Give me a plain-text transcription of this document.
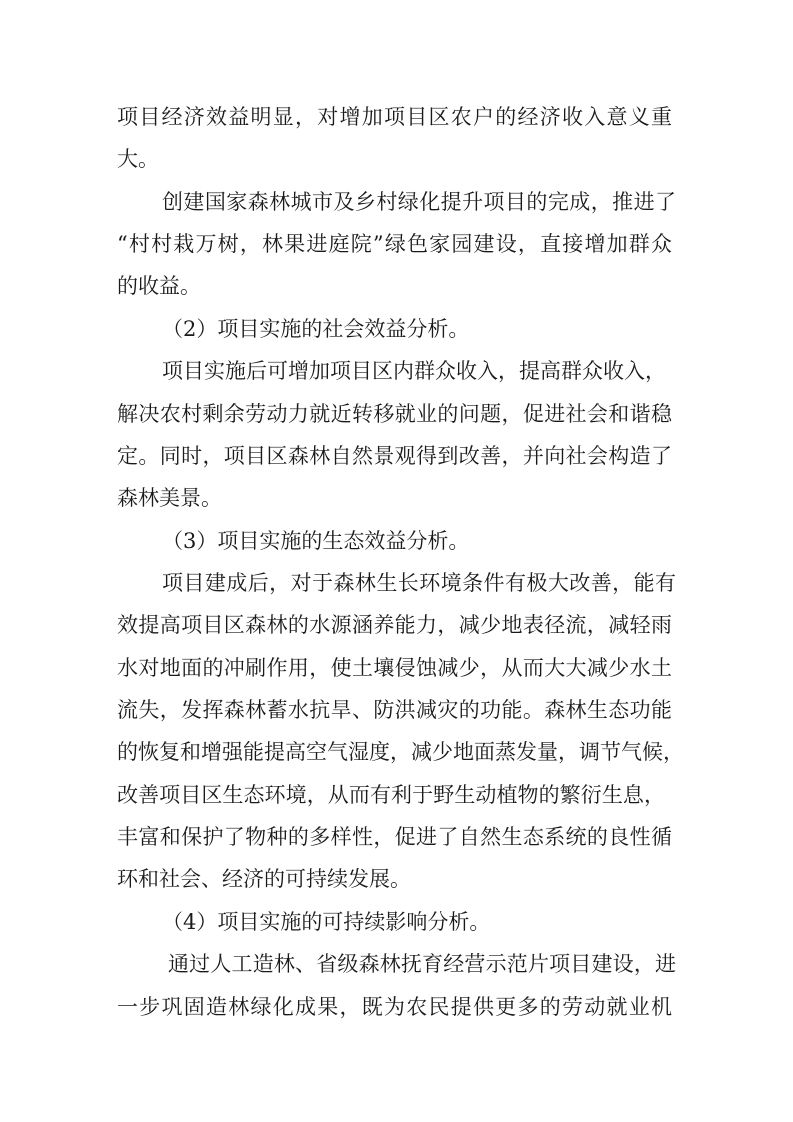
项目经济效益明显，对增加项目区农户的经济收入意义重
大。
创建国家森林城市及乡村绿化提升项目的完成，推进了
“村村栽万树，林果进庭院”绿色家园建设，直接增加群众
的收益。
（2）项目实施的社会效益分析。
项目实施后可增加项目区内群众收入，提高群众收入，
解决农村剩余劳动力就近转移就业的问题，促进社会和谐稳
定。同时，项目区森林自然景观得到改善，并向社会构造了
森林美景。
（3）项目实施的生态效益分析。
项目建成后，对于森林生长环境条件有极大改善，能有
效提高项目区森林的水源涵养能力，减少地表径流，减轻雨
水对地面的冲刷作用，使土壤侵蚀减少，从而大大减少水土
流失，发挥森林蓄水抗旱、防洪减灾的功能。森林生态功能
的恢复和增强能提高空气湿度，减少地面蒸发量，调节气候，
改善项目区生态环境，从而有利于野生动植物的繁衍生息，
丰富和保护了物种的多样性，促进了自然生态系统的良性循
环和社会、经济的可持续发展。
（4）项目实施的可持续影响分析。
通过人工造林、省级森林抚育经营示范片项目建设，进
一步巩固造林绿化成果，既为农民提供更多的劳动就业机
